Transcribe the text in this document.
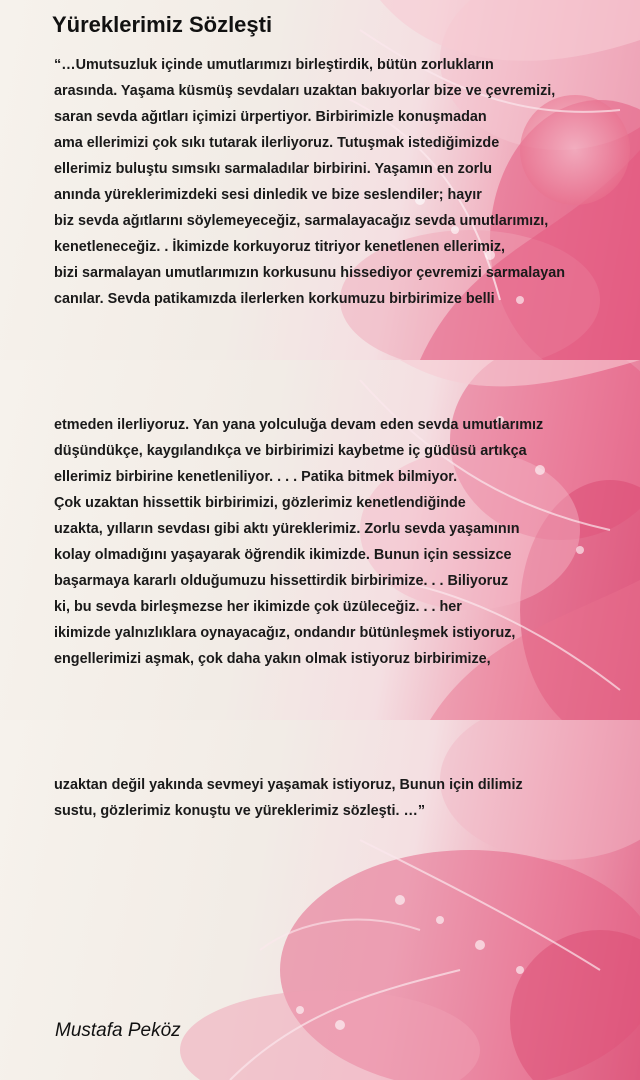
Yüreklerimiz Sözleşti
“…Umutsuzluk içinde umutlarımızı birleştirdik, bütün zorlukların
arasında. Yaşama küsmüş sevdaları uzaktan bakıyorlar bize ve çevremizi,
saran sevda ağıtları içimizi ürpertiyor. Birbirimizle konuşmadan
ama ellerimizi çok sıkı tutarak ilerliyoruz. Tutuşmak istediğimizde
ellerimiz buluştu sımsıkı sarmaladılar birbirini. Yaşamın en zorlu
anında yüreklerimizdeki sesi dinledik ve bize seslendiler; hayır
biz sevda ağıtlarını söylemeyeceğiz, sarmalayacağız sevda umutlarımızı,
kenetleneceğiz. . İkimizde korkuyoruz titriyor kenetlenen ellerimiz,
bizi sarmalayan umutlarımızın korkusunu hissediyor çevremizi sarmalayan
canılar. Sevda patikamızda ilerlerken korkumuzu birbirimize belli
etmeden ilerliyoruz. Yan yana yolculuğa devam eden sevda umutlarımız
düşündükçe, kaygılandıkça ve birbirimizi kaybetme iç güdüsü artıkça
ellerimiz birbirine kenetleniliyor. . . . Patika bitmek bilmiyor.
Çok uzaktan hissettik birbirimizi, gözlerimiz kenetlendiğinde
uzakta, yılların sevdası gibi aktı yüreklerimiz. Zorlu sevda yaşamının
kolay olmadığını yaşayarak öğrendik ikimizde. Bunun için sessizce
başarmaya kararlı olduğumuzu hissettirdik birbirimize. . . Biliyoruz
ki, bu sevda birleşmezse her ikimizde çok üzüleceğiz. . . her
ikimizde yalnızlıklara oynayacağız, ondandır bütünleşmek istiyoruz,
engellerimizi aşmak, çok daha yakın olmak istiyoruz birbirimize,
uzaktan değil yakında sevmeyi yaşamak istiyoruz, Bunun için dilimiz
sustu, gözlerimiz konuştu ve yüreklerimiz sözleşti. …”
Mustafa Peköz
